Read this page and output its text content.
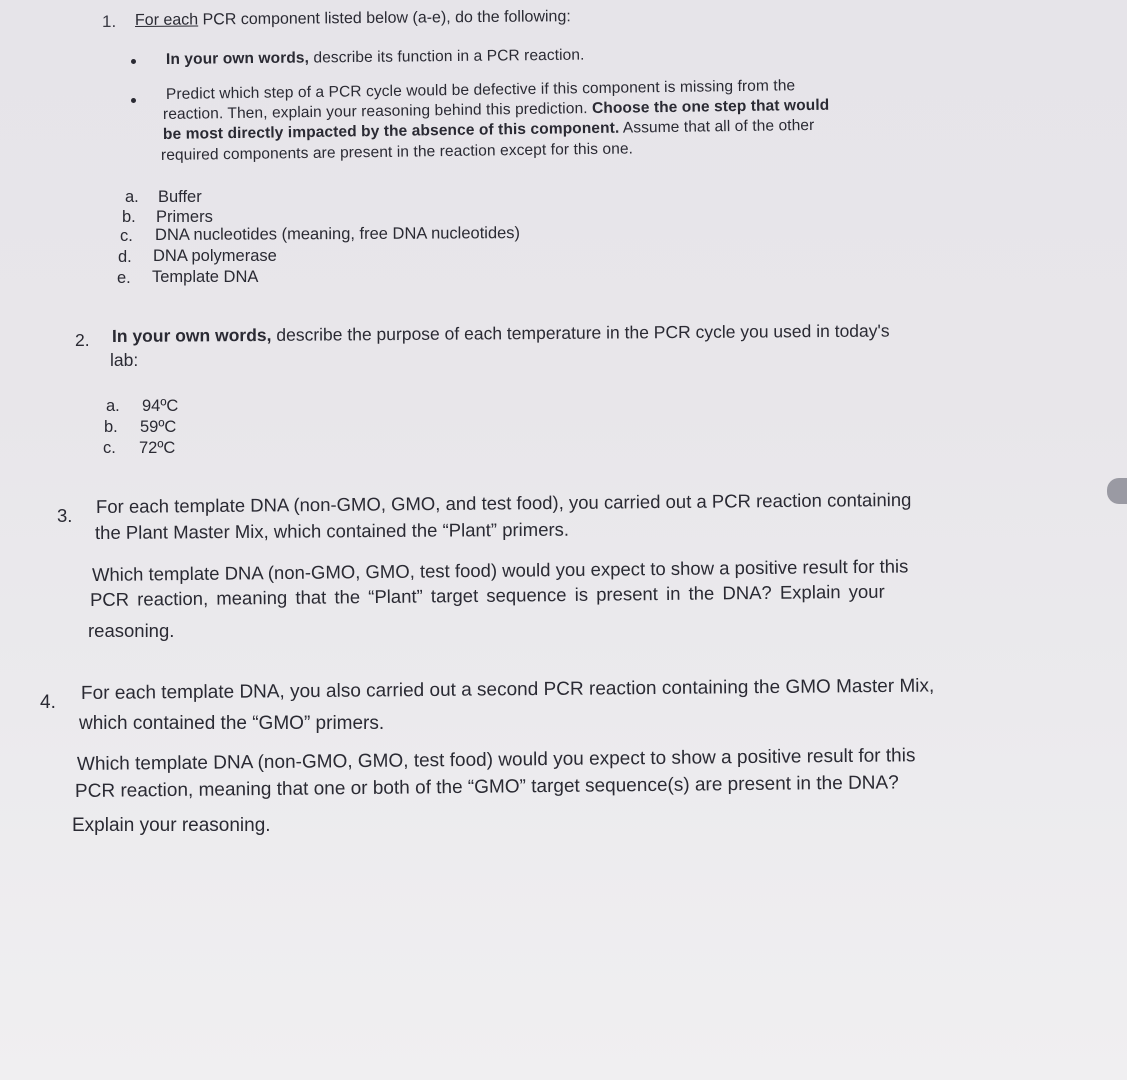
1. For each PCR component listed below (a-e), do the following:
In your own words, describe its function in a PCR reaction.
Predict which step of a PCR cycle would be defective if this component is missing from the
reaction. Then, explain your reasoning behind this prediction. Choose the one step that would
be most directly impacted by the absence of this component. Assume that all of the other
required components are present in the reaction except for this one.
a. Buffer
b. Primers
c. DNA nucleotides (meaning, free DNA nucleotides)
d. DNA polymerase
e. Template DNA
2. In your own words, describe the purpose of each temperature in the PCR cycle you used in today's
lab:
a. 94ºC
b. 59ºC
c. 72ºC
3. For each template DNA (non-GMO, GMO, and test food), you carried out a PCR reaction containing
the Plant Master Mix, which contained the “Plant” primers.
Which template DNA (non-GMO, GMO, test food) would you expect to show a positive result for this
PCR reaction, meaning that the “Plant” target sequence is present in the DNA? Explain your
reasoning.
4. For each template DNA, you also carried out a second PCR reaction containing the GMO Master Mix,
which contained the “GMO” primers.
Which template DNA (non-GMO, GMO, test food) would you expect to show a positive result for this
PCR reaction, meaning that one or both of the “GMO” target sequence(s) are present in the DNA?
Explain your reasoning.
